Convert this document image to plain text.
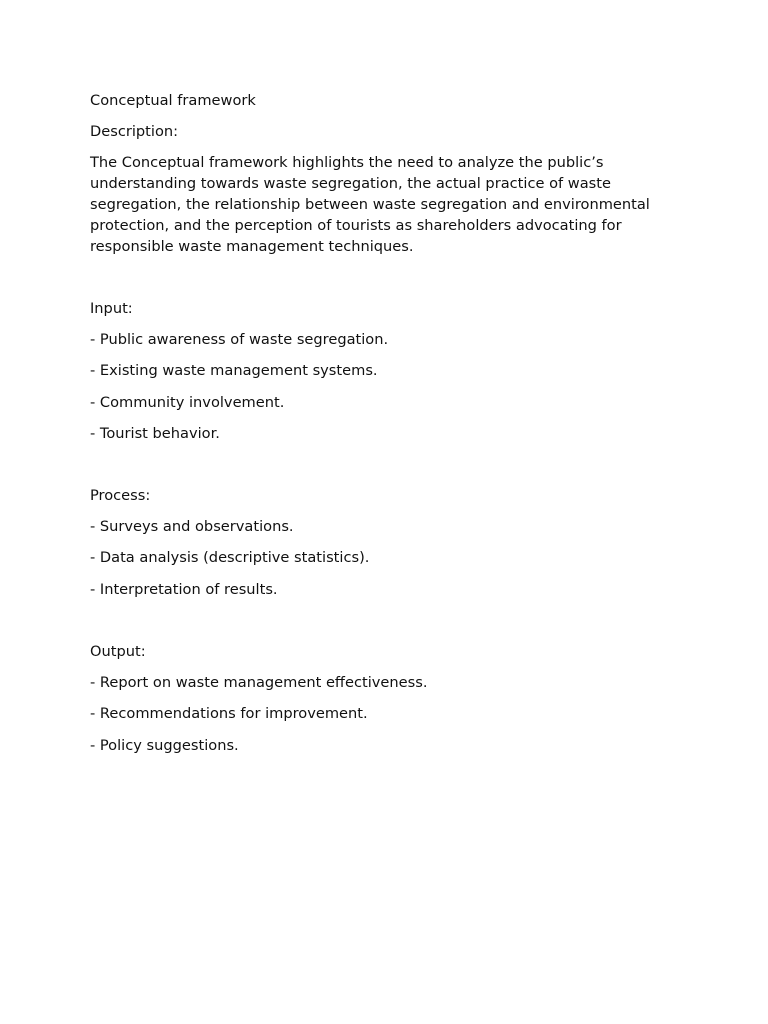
Conceptual framework

Description:

The Conceptual framework highlights the need to analyze the public’s understanding towards waste segregation, the actual practice of waste segregation, the relationship between waste segregation and environmental protection, and the perception of tourists as shareholders advocating for responsible waste management techniques.

Input:

- Public awareness of waste segregation.

- Existing waste management systems.

- Community involvement.

- Tourist behavior.

Process:

- Surveys and observations.

- Data analysis (descriptive statistics).

- Interpretation of results.

Output:

- Report on waste management effectiveness.

- Recommendations for improvement.

- Policy suggestions.
